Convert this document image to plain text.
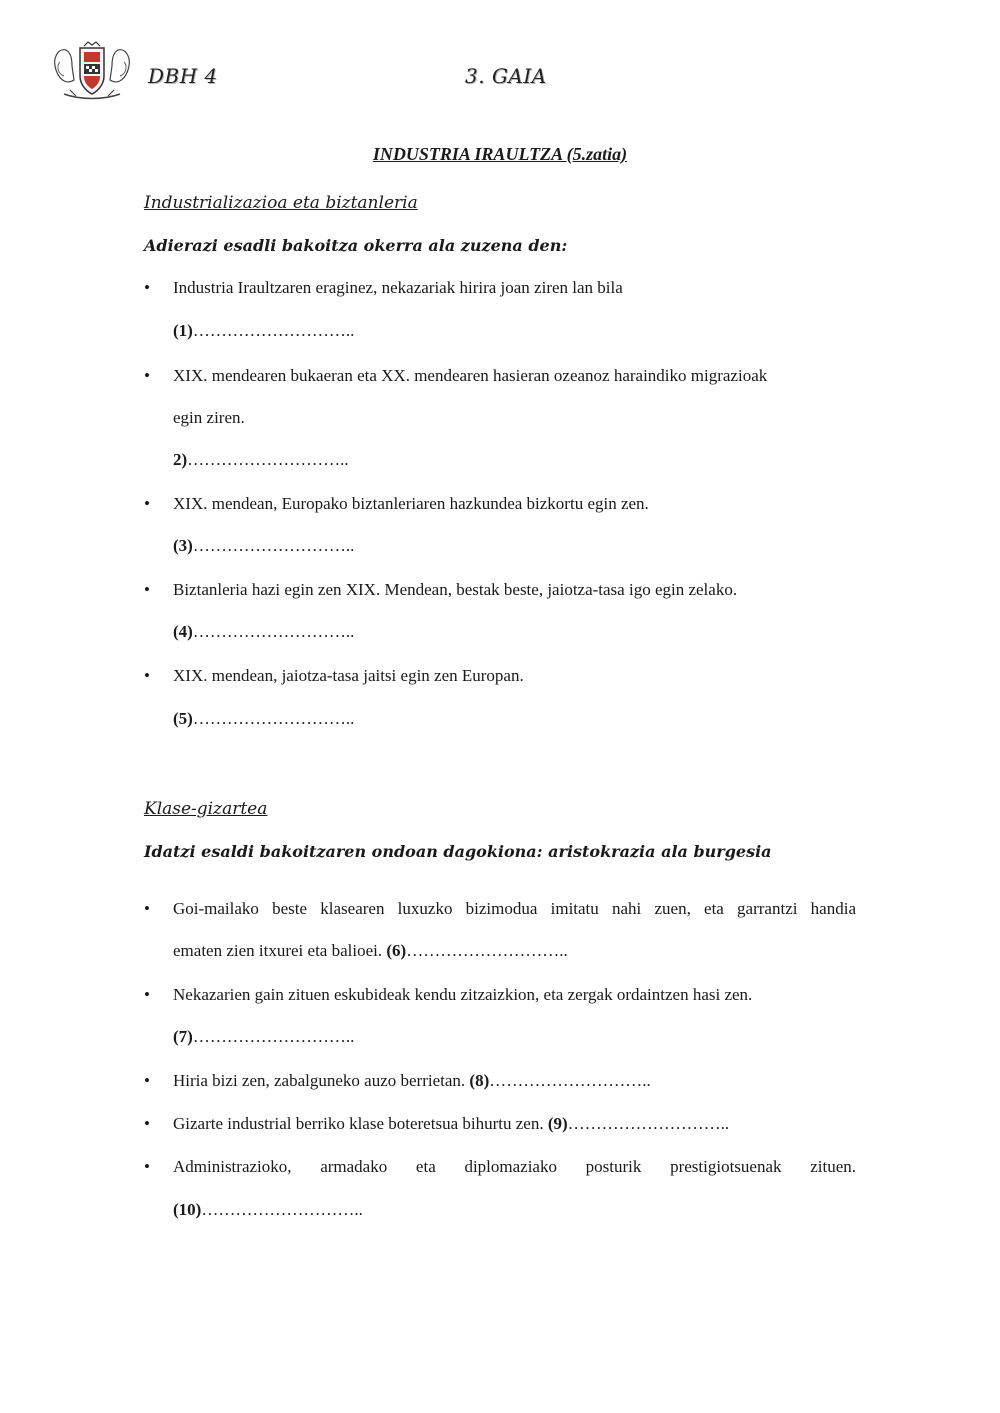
DBH 4	3. GAIA
INDUSTRIA IRAULTZA (5.zatia)
Industrializazioa eta biztanleria
Adierazi esadli bakoitza okerra ala zuzena den:
• Industria Iraultzaren eraginez, nekazariak hirira joan ziren lan bila
(1)………………………..
• XIX. mendearen bukaeran eta XX. mendearen hasieran ozeanoz haraindiko migrazioak
egin ziren.
2)………………………..
• XIX. mendean, Europako biztanleriaren hazkundea bizkortu egin zen.
(3)………………………..
• Biztanleria hazi egin zen XIX. Mendean, bestak beste, jaiotza-tasa igo egin zelako.
(4)………………………..
• XIX. mendean, jaiotza-tasa jaitsi egin zen Europan.
(5)………………………..
Klase-gizartea
Idatzi esaldi bakoitzaren ondoan dagokiona: aristokrazia ala burgesia
• Goi-mailako beste klasearen luxuzko bizimodua imitatu nahi zuen, eta garrantzi handia
ematen zien itxurei eta balioei. (6)………………………..
• Nekazarien gain zituen eskubideak kendu zitzaizkion, eta zergak ordaintzen hasi zen.
(7)………………………..
• Hiria bizi zen, zabalguneko auzo berrietan. (8)………………………..
• Gizarte industrial berriko klase boteretsua bihurtu zen. (9)………………………..
• Administrazioko, armadako eta diplomaziako posturik prestigiotsuenak zituen.
(10)………………………..
